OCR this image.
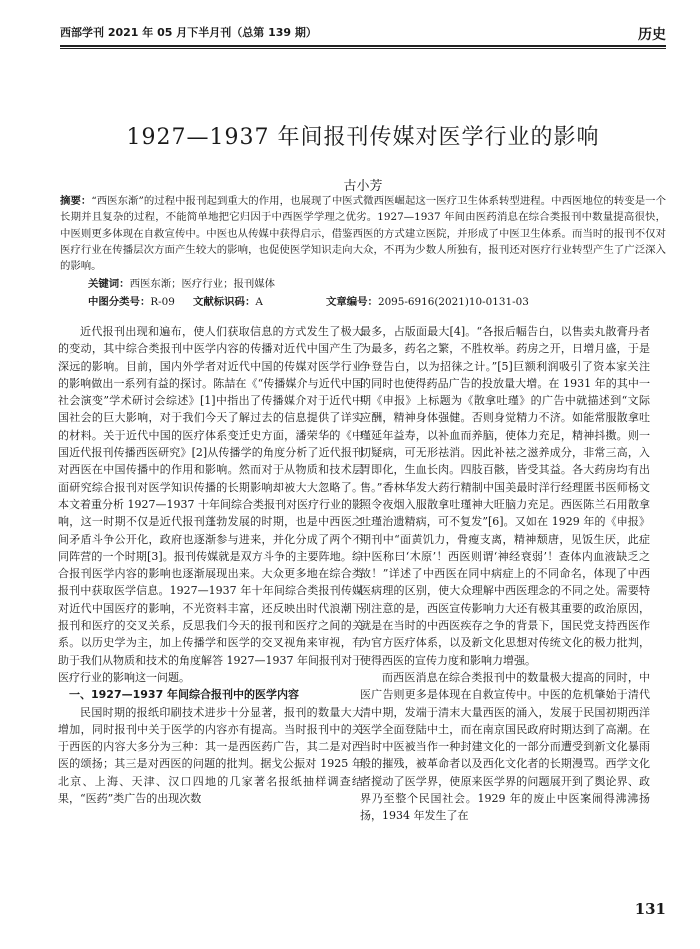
西部学刊 2021 年 05 月下半月刊（总第 139 期）	历史
1927—1937 年间报刊传媒对医学行业的影响
古小芳
摘要：“西医东渐”的过程中报刊起到重大的作用，也展现了中医式微西医崛起这一医疗卫生体系转型进程。中西医地位的转变是一个长期并且复杂的过程，不能简单地把它归因于中西医学学理之优劣。1927—1937 年间由医药消息在综合类报刊中数量提高很快，中医则更多体现在自救宣传中。中医也从传媒中获得启示，借鉴西医的方式建立医院，并形成了中医卫生体系。而当时的报刊不仅对医疗行业在传播层次方面产生较大的影响，也促使医学知识走向大众，不再为少数人所独有，报刊还对医疗行业转型产生了广泛深入的影响。
关键词：西医东渐；医疗行业；报刊媒体
中图分类号：R-09 文献标识码：A	文章编号：2095-6916(2021)10-0131-03

近代报刊出现和遍布，使人们获取信息的方式发生了极大的变动，其中综合类报刊中医学内容的传播对近代中国产生了深远的影响。目前，国内外学者对近代中国的传媒对医学行业的影响做出一系列有益的探讨。陈喆在《“传播媒介与近代中国社会演变”学术研讨会综述》[1]中指出了传播媒介对于近代中国社会的巨大影响，对于我们今天了解过去的信息提供了详实的材料。关于近代中国的医疗体系变迁史方面，潘荣华的《中国近代报刊传播西医研究》[2]从传播学的角度分析了近代报刊对西医在中国传播中的作用和影响。然而对于从物质和技术层面研究综合报刊对医学知识传播的长期影响却被大大忽略了。本文着重分析 1927—1937 十年间综合类报刊对医疗行业的影响，这一时期不仅是近代报刊蓬勃发展的时期，也是中西医之间矛盾斗争公开化，政府也逐渐参与进来，并化分成了两个不同阵营的一个时期[3]。报刊传媒就是双方斗争的主要阵地。综合报刊医学内容的影响也逐渐展现出来。大众更多地在综合类报刊中获取医学信息。1927—1937 年十年间综合类报刊传媒对近代中国医疗的影响，不光资料丰富，还反映出时代浪潮下报刊和医疗的交叉关系，反思我们今天的报刊和医疗之间的关系。以历史学为主，加上传播学和医学的交叉视角来审视，有助于我们从物质和技术的角度解答 1927—1937 年间报刊对于医疗行业的影响这一问题。

一、1927—1937 年间综合报刊中的医学内容

民国时期的报纸印刷技术进步十分显著，报刊的数量大大增加，同时报刊中关于医学的内容亦有提高。当时报刊中的关于西医的内容大多分为三种：其一是西医药广告，其二是对西医的颂扬；其三是对西医的问题的批判。据戈公振对 1925 年北京、上海、天津、汉口四地的几家著名报纸抽样调查结果，“医药”类广告的出现次数

最多，占版面最大[4]。“各报后幅告白，以售卖丸散膏丹者为最多，药名之繁，不胜枚举。药房之开，日增月盛，于是争登告白，以为招徕之计。”[5]巨额利润吸引了资本家关注的同时也使得药品广告的投放量大增。在 1931 年的其中一期《申报》上标题为《散拿吐瑾》的广告中就描述到“文际应酬，精神身体强健。否则身觉精力不济。如能常服散拿吐瑾延年益寿，以补血而养脑，使体力充足，精神抖擞。则一切疑病，可无形祛消。因此补袪之滋养成分，非常三高，入胃即化，生血长肉。四肢百骸，皆受其益。各大药房均有出售。”香林华发大药行精制中国美最时洋行经理匿书医师杨文照令夜烟入服散拿吐瑾神大旺脑力充足。西医陈兰石用散拿吐瑾治遗精病，可不复发”[6]。又如在 1929 年的《申报》期刊中“面黄饥力，骨瘦支离，精神颓唐，见饭生厌，此症中医称曰‘木原’！西医则谓‘神经衰弱’！查体内血液缺乏之故！”详述了中西医在同中病症上的不同命名，体现了中西医病理的区别，使大众理解中西医理念的不同之处。需要特别注意的是，西医宣传影响力大还有极其重要的政治原因，就是在当时的中西医疾存之争的背景下，国民党支持西医作为官方医疗体系，以及新文化思想对传统文化的极力批判，使得西医的宣传力度和影响力增强。

而西医消息在综合类报刊中的数量极大提高的同时，中医广告则更多是体现在自救宣传中。中医的危机肇始于清代清中期，发端于清末大量西医的涌入，发展于民国初期西洋医学全面登陆中土，而在南京国民政府时期达到了高潮。在当时中医被当作一种封建文化的一部分而遭受到新文化暴雨般的摧残，被革命者以及西化文化者的长期漫骂。西学文化者搅动了医学界，使原来医学界的问题展开到了舆论界、政界乃至整个民国社会。1929 年的废止中医案闹得沸沸扬扬，1934 年发生了在

131
